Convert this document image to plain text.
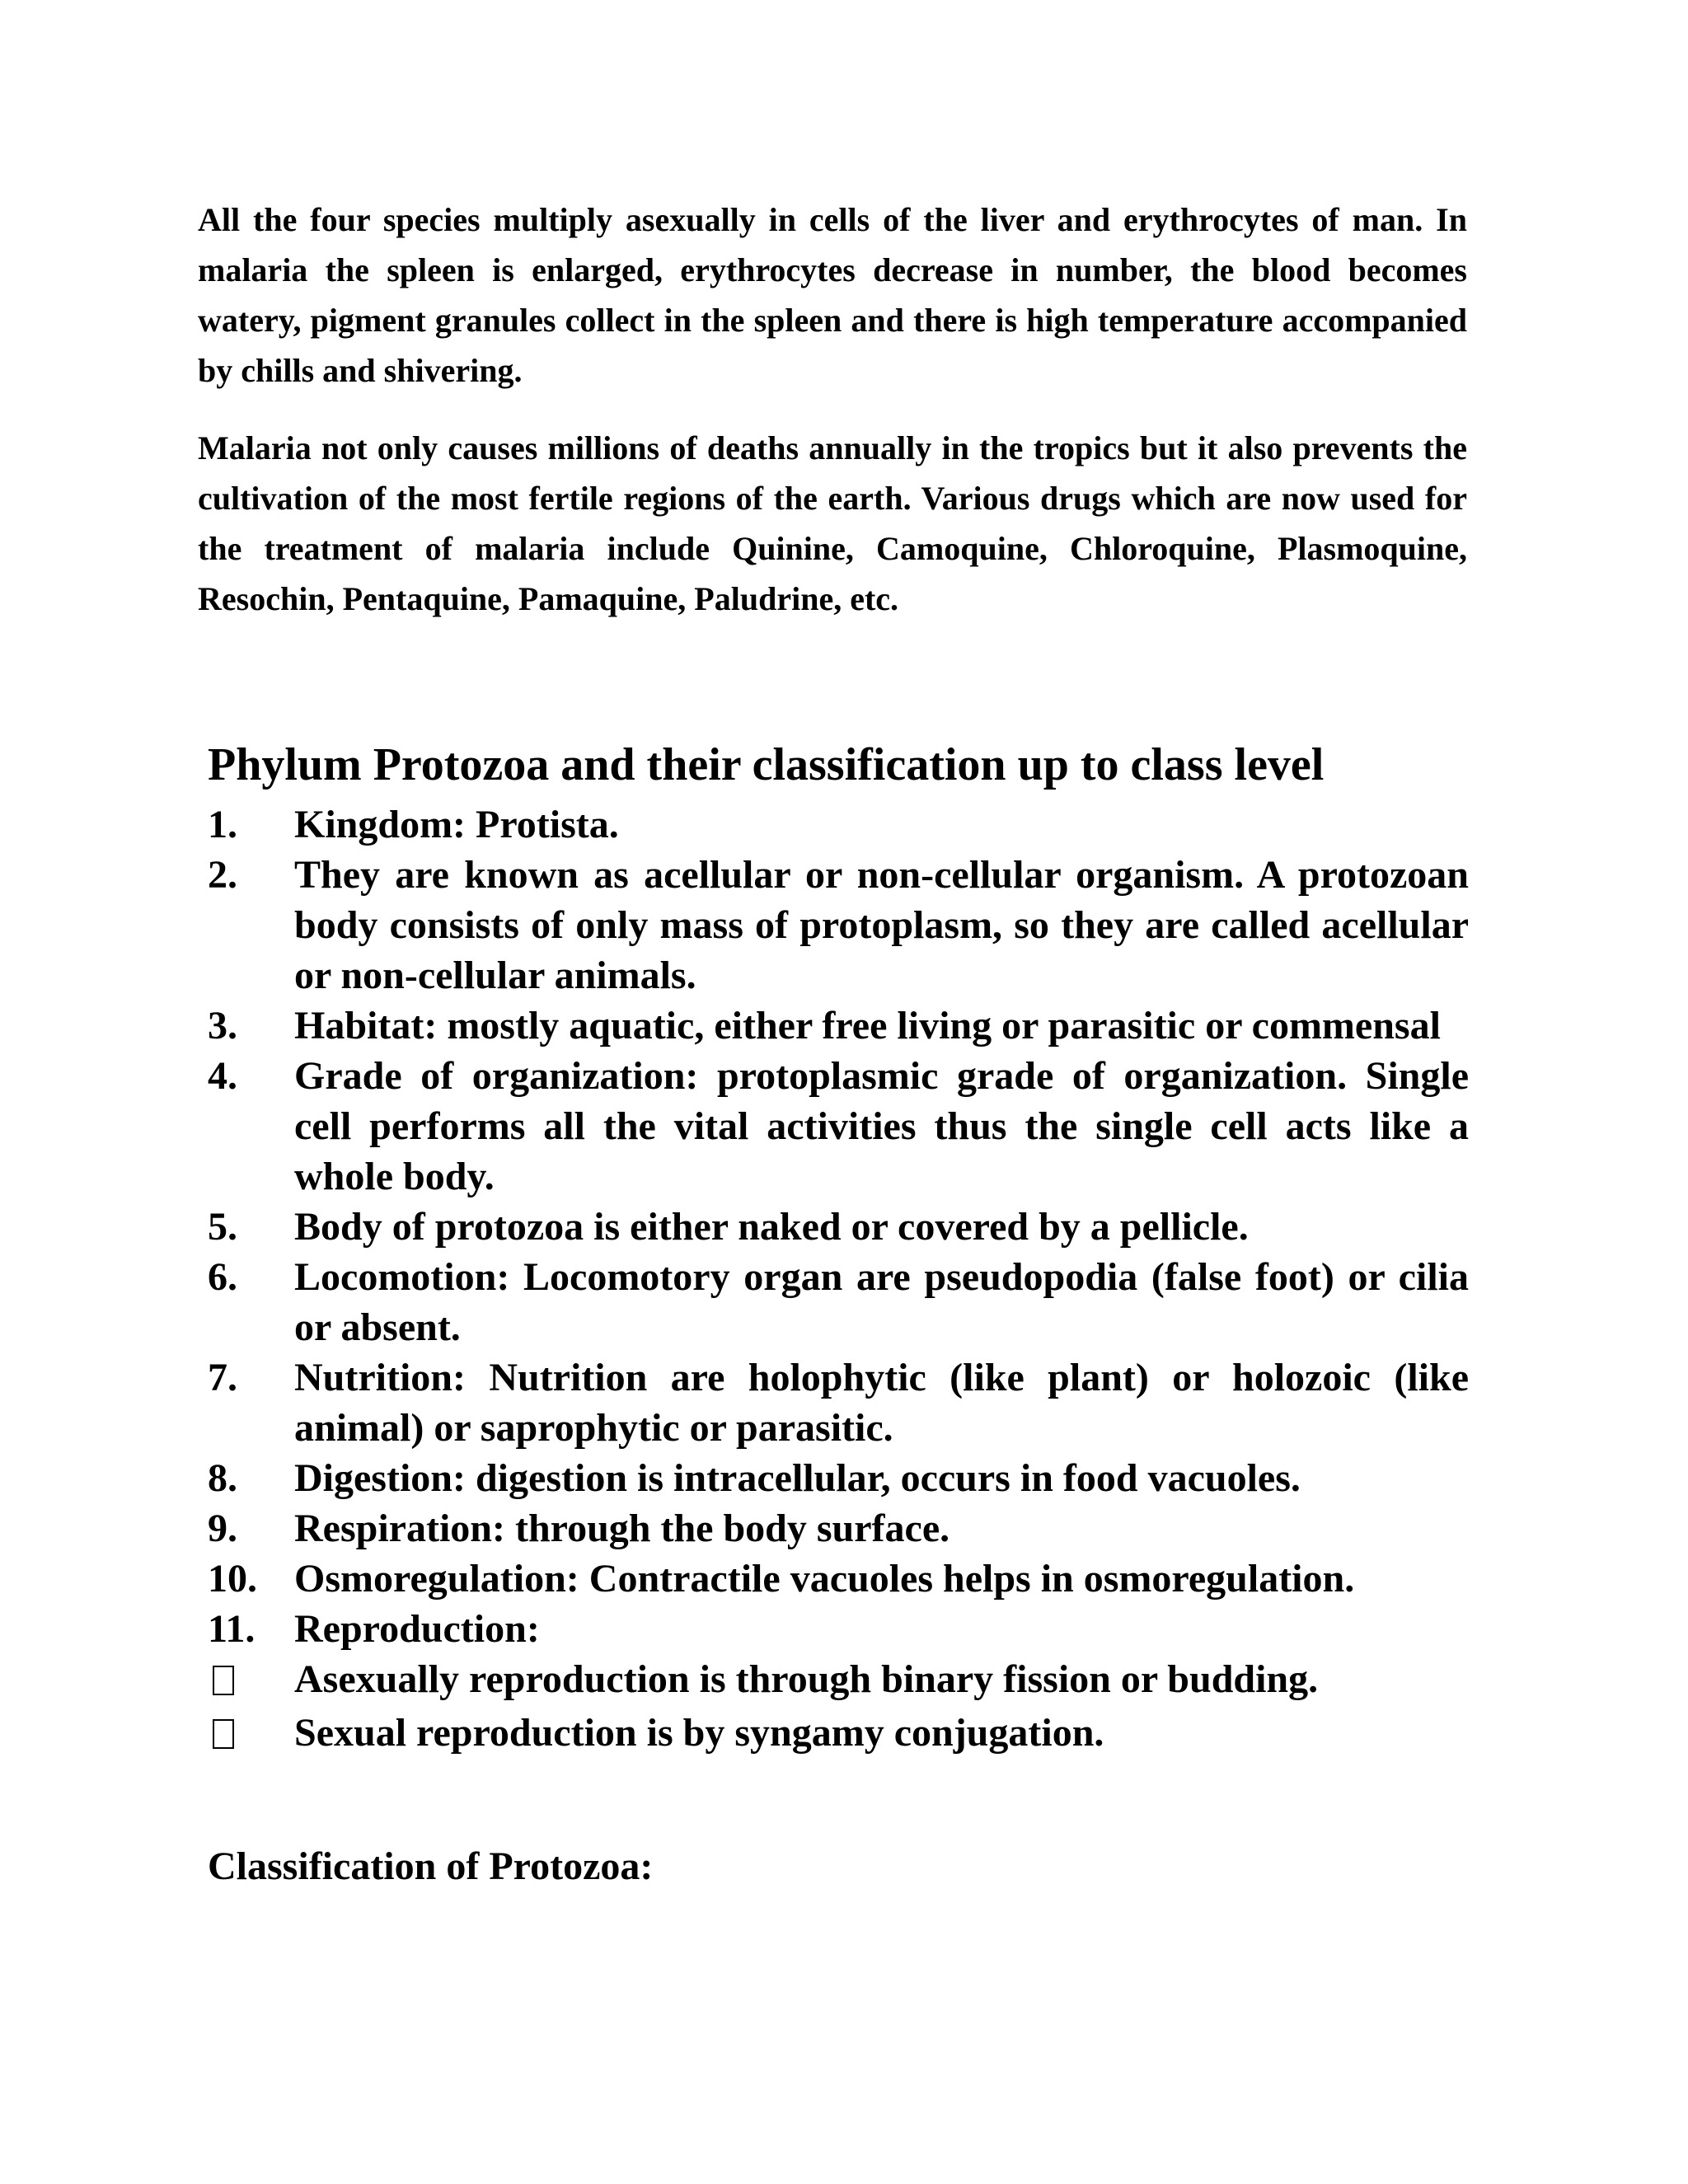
All the four species multiply asexually in cells of the liver and erythrocytes of man. In malaria the spleen is enlarged, erythrocytes decrease in number, the blood becomes watery, pigment granules collect in the spleen and there is high temperature accompanied by chills and shivering.

Malaria not only causes millions of deaths annually in the tropics but it also prevents the cultivation of the most fertile regions of the earth. Various drugs which are now used for the treatment of malaria include Quinine, Camoquine, Chloroquine, Plasmoquine, Resochin, Pentaquine, Pamaquine, Paludrine, etc.

Phylum Protozoa and their classification up to class level
1.	Kingdom: Protista.
2.	They are known as acellular or non-cellular organism. A protozoan body consists of only mass of protoplasm, so they are called acellular or non-cellular animals.
3.	Habitat: mostly aquatic, either free living or parasitic or commensal
4.	Grade of organization: protoplasmic grade of organization. Single cell performs all the vital activities thus the single cell acts like a whole body.
5.	Body of protozoa is either naked or covered by a pellicle.
6.	Locomotion: Locomotory organ are pseudopodia (false foot) or cilia or absent.
7.	Nutrition: Nutrition are holophytic (like plant) or holozoic (like animal) or saprophytic or parasitic.
8.	Digestion: digestion is intracellular, occurs in food vacuoles.
9.	Respiration: through the body surface.
10. Osmoregulation: Contractile vacuoles helps in osmoregulation.
11. Reproduction:
Asexually reproduction is through binary fission or budding.
Sexual reproduction is by syngamy conjugation.
Classification of Protozoa:
